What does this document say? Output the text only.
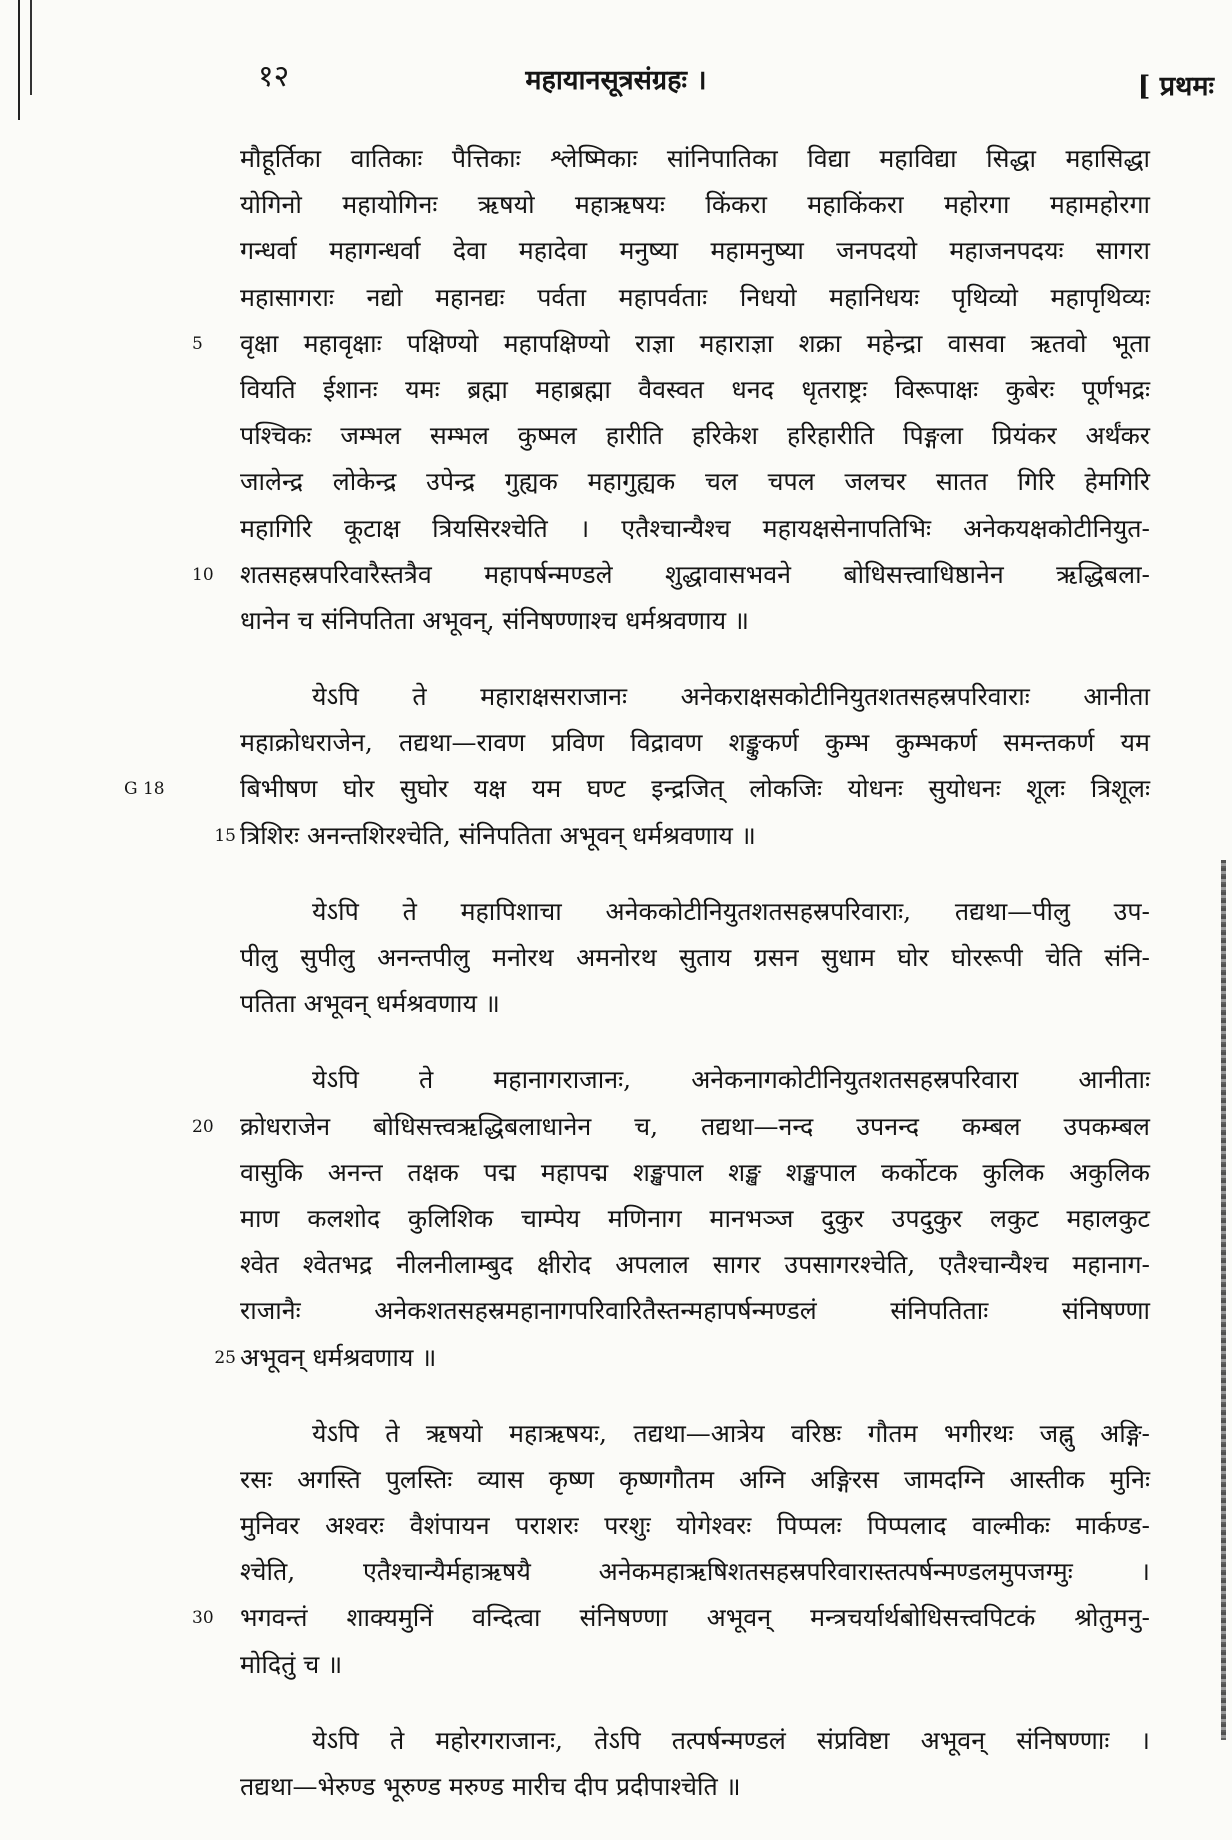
१२	महायानसूत्रसंग्रहः ।	[ प्रथमः
मौहूर्तिका वातिकाः पैत्तिकाः श्लेष्मिकाः सांनिपातिका विद्या महाविद्या सिद्धा महासिद्धा
योगिनो महायोगिनः ऋषयो महाऋषयः किंकरा महाकिंकरा महोरगा महामहोरगा
गन्धर्वा महागन्धर्वा देवा महादेवा मनुष्या महामनुष्या जनपदयो महाजनपदयः सागरा
महासागराः नद्यो महानद्यः पर्वता महापर्वताः निधयो महानिधयः पृथिव्यो महापृथिव्यः
5	वृक्षा महावृक्षाः पक्षिण्यो महापक्षिण्यो राज्ञा महाराज्ञा शक्रा महेन्द्रा वासवा ऋतवो भूता
वियति ईशानः यमः ब्रह्मा महाब्रह्मा वैवस्वत धनद धृतराष्ट्रः विरूपाक्षः कुबेरः पूर्णभद्रः
पश्चिकः जम्भल सम्भल कुष्मल हारीति हरिकेश हरिहारीति पिङ्गला प्रियंकर अर्थंकर
जालेन्द्र लोकेन्द्र उपेन्द्र गुह्यक महागुह्यक चल चपल जलचर सातत गिरि हेमगिरि
महागिरि कूटाक्ष त्रियसिरश्चेति । एतैश्चान्यैश्च महायक्षसेनापतिभिः अनेकयक्षकोटीनियुत-
10	शतसहस्रपरिवारैस्तत्रैव महापर्षन्मण्डले शुद्धावासभवने बोधिसत्त्वाधिष्ठानेन ऋद्धिबला-
धानेन च संनिपतिता अभूवन्, संनिषण्णाश्च धर्मश्रवणाय ॥
येऽपि ते महाराक्षसराजानः अनेकराक्षसकोटीनियुतशतसहस्रपरिवाराः आनीता
महाक्रोधराजेन, तद्यथा—रावण प्रविण विद्रावण शङ्कुकर्ण कुम्भ कुम्भकर्ण समन्तकर्ण यम
G 18	बिभीषण घोर सुघोर यक्ष यम घण्ट इन्द्रजित् लोकजिः योधनः सुयोधनः शूलः त्रिशूलः
15 त्रिशिरः अनन्तशिरश्चेति, संनिपतिता अभूवन् धर्मश्रवणाय ॥
येऽपि ते महापिशाचा अनेककोटीनियुतशतसहस्रपरिवाराः, तद्यथा—पीलु उप-
पीलु सुपीलु अनन्तपीलु मनोरथ अमनोरथ सुताय ग्रसन सुधाम घोर घोररूपी चेति संनि-
पतिता अभूवन् धर्मश्रवणाय ॥
येऽपि ते महानागराजानः, अनेकनागकोटीनियुतशतसहस्रपरिवारा आनीताः
20	क्रोधराजेन बोधिसत्त्वऋद्धिबलाधानेन च, तद्यथा—नन्द उपनन्द कम्बल उपकम्बल
वासुकि अनन्त तक्षक पद्म महापद्म शङ्खपाल शङ्ख शङ्खपाल कर्कोटक कुलिक अकुलिक
माण कलशोद कुलिशिक चाम्पेय मणिनाग मानभञ्ज दुकुर उपदुकुर लकुट महालकुट
श्वेत श्वेतभद्र नीलनीलाम्बुद क्षीरोद अपलाल सागर उपसागरश्चेति, एतैश्चान्यैश्च महानाग-
राजानैः अनेकशतसहस्रमहानागपरिवारितैस्तन्महापर्षन्मण्डलं संनिपतिताः संनिषण्णा
25 अभूवन् धर्मश्रवणाय ॥
येऽपि ते ऋषयो महाऋषयः, तद्यथा—आत्रेय वरिष्ठः गौतम भगीरथः जह्नु अङ्गि-
रसः अगस्ति पुलस्तिः व्यास कृष्ण कृष्णगौतम अग्नि अङ्गिरस जामदग्नि आस्तीक मुनिः
मुनिवर अश्वरः वैशंपायन पराशरः परशुः योगेश्वरः पिप्पलः पिप्पलाद वाल्मीकः मार्कण्ड-
श्चेति, एतैश्चान्यैर्महाऋषयै अनेकमहाऋषिशतसहस्रपरिवारास्तत्पर्षन्मण्डलमुपजग्मुः ।
30	भगवन्तं शाक्यमुनिं वन्दित्वा संनिषण्णा अभूवन् मन्त्रचर्यार्थबोधिसत्त्वपिटकं श्रोतुमनु-
मोदितुं च ॥
येऽपि ते महोरगराजानः, तेऽपि तत्पर्षन्मण्डलं संप्रविष्टा अभूवन् संनिषण्णाः ।
तद्यथा—भेरुण्ड भूरुण्ड मरुण्ड मारीच दीप प्रदीपाश्चेति ॥
